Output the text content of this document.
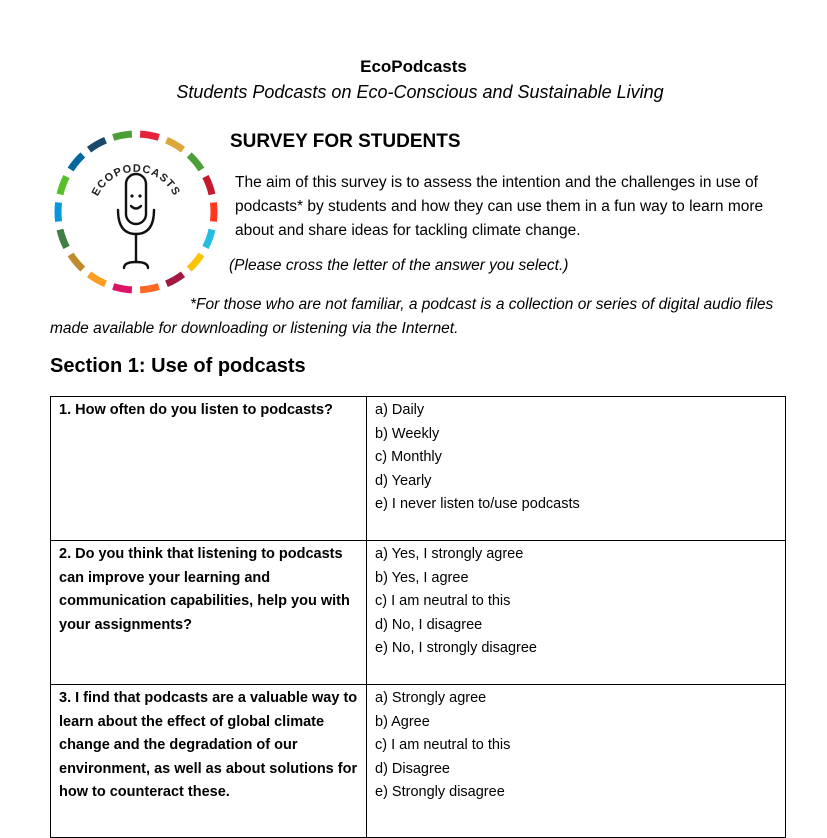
EcoPodcasts
Students Podcasts on Eco-Conscious and Sustainable Living
ECOPODCASTS
SURVEY FOR STUDENTS
The aim of this survey is to assess the intention and the challenges in use of podcasts* by students and how they can use them in a fun way to learn more about and share ideas for tackling climate change.
(Please cross the letter of the answer you select.)
*For those who are not familiar, a podcast is a collection or series of digital audio files made available for downloading or listening via the Internet.
Section 1: Use of podcasts
1. How often do you listen to podcasts?	a) Daily
b) Weekly
c) Monthly
d) Yearly
e) I never listen to/use podcasts

2. Do you think that listening to podcasts can improve your learning and communication capabilities, help you with your assignments?	a) Yes, I strongly agree
b) Yes, I agree
c) I am neutral to this
d) No, I disagree
e) No, I strongly disagree

3. I find that podcasts are a valuable way to learn about the effect of global climate change and the degradation of our environment, as well as about solutions for how to counteract these.	a) Strongly agree
b) Agree
c) I am neutral to this
d) Disagree
e) Strongly disagree
